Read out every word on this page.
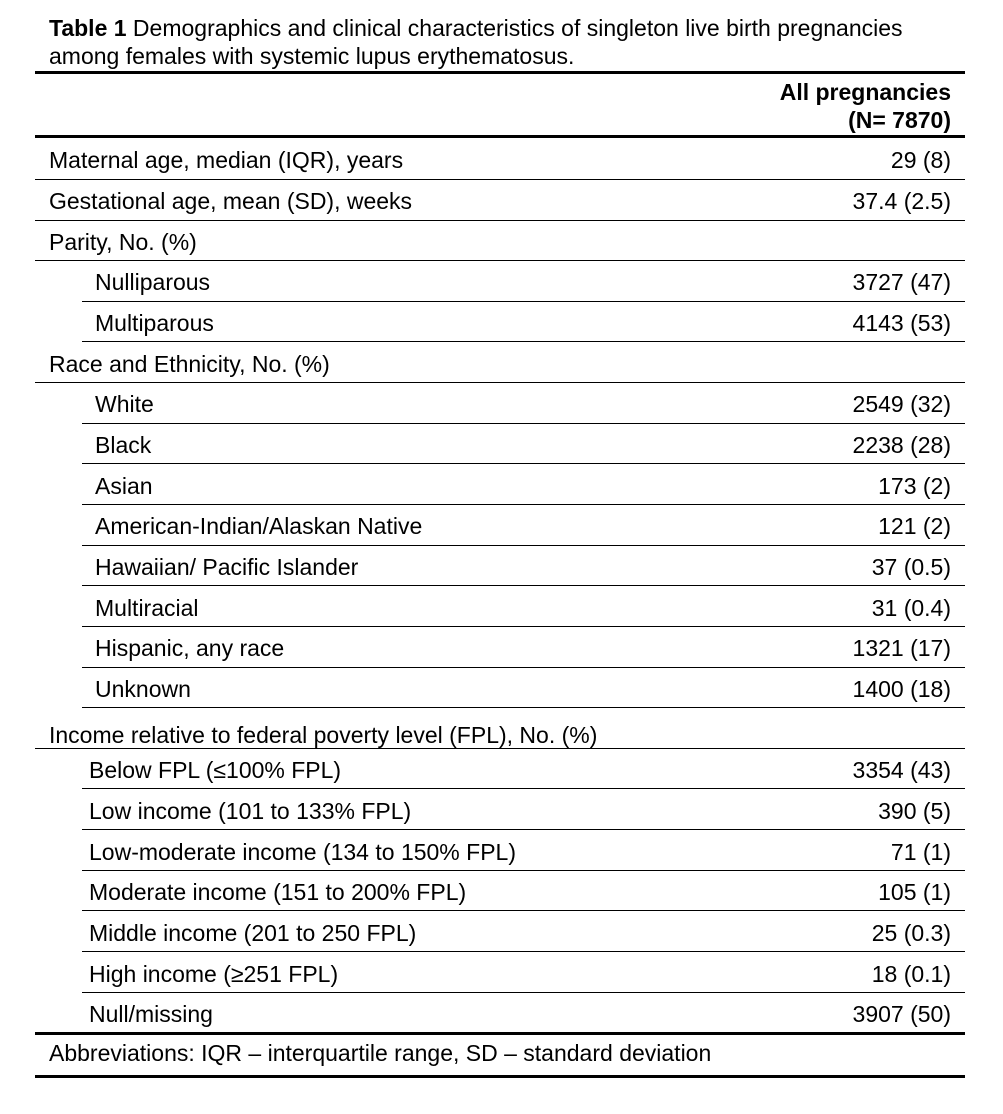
Table 1 Demographics and clinical characteristics of singleton live birth pregnancies among females with systemic lupus erythematosus.

All pregnancies
(N= 7870)
Maternal age, median (IQR), years	29 (8)
Gestational age, mean (SD), weeks	37.4 (2.5)
Parity, No. (%)
Nulliparous	3727 (47)
Multiparous	4143 (53)
Race and Ethnicity, No. (%)
White	2549 (32)
Black	2238 (28)
Asian	173 (2)
American-Indian/Alaskan Native	121 (2)
Hawaiian/ Pacific Islander	37 (0.5)
Multiracial	31 (0.4)
Hispanic, any race	1321 (17)
Unknown	1400 (18)
Income relative to federal poverty level (FPL), No. (%)
Below FPL (≤100% FPL)	3354 (43)
Low income (101 to 133% FPL)	390 (5)
Low-moderate income (134 to 150% FPL)	71 (1)
Moderate income (151 to 200% FPL)	105 (1)
Middle income (201 to 250 FPL)	25 (0.3)
High income (≥251 FPL)	18 (0.1)
Null/missing	3907 (50)
Abbreviations: IQR – interquartile range, SD – standard deviation
